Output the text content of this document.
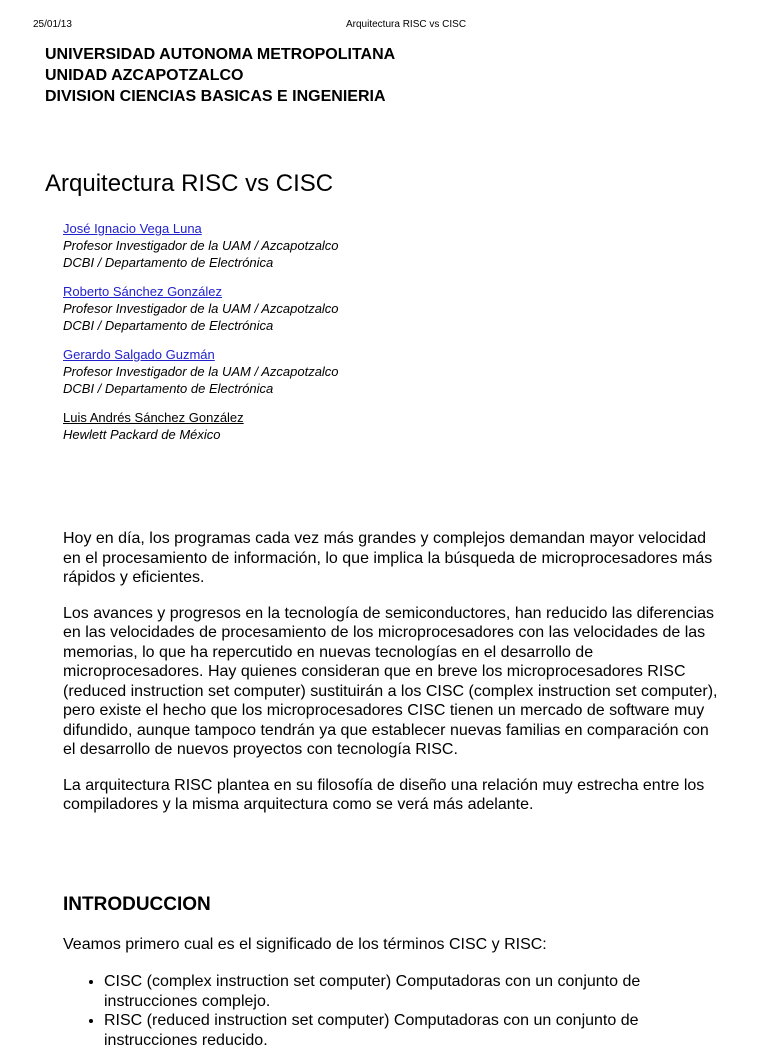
25/01/13	Arquitectura RISC vs CISC
UNIVERSIDAD AUTONOMA METROPOLITANA
UNIDAD AZCAPOTZALCO
DIVISION CIENCIAS BASICAS E INGENIERIA
Arquitectura RISC vs CISC
José Ignacio Vega Luna
Profesor Investigador de la UAM / Azcapotzalco
DCBI / Departamento de Electrónica
Roberto Sánchez González
Profesor Investigador de la UAM / Azcapotzalco
DCBI / Departamento de Electrónica
Gerardo Salgado Guzmán
Profesor Investigador de la UAM / Azcapotzalco
DCBI / Departamento de Electrónica
Luis Andrés Sánchez González
Hewlett Packard de México

Hoy en día, los programas cada vez más grandes y complejos demandan mayor velocidad en el procesamiento de información, lo que implica la búsqueda de microprocesadores más rápidos y eficientes.

Los avances y progresos en la tecnología de semiconductores, han reducido las diferencias en las velocidades de procesamiento de los microprocesadores con las velocidades de las memorias, lo que ha repercutido en nuevas tecnologías en el desarrollo de microprocesadores. Hay quienes consideran que en breve los microprocesadores RISC (reduced instruction set computer) sustituirán a los CISC (complex instruction set computer), pero existe el hecho que los microprocesadores CISC tienen un mercado de software muy difundido, aunque tampoco tendrán ya que establecer nuevas familias en comparación con el desarrollo de nuevos proyectos con tecnología RISC.

La arquitectura RISC plantea en su filosofía de diseño una relación muy estrecha entre los compiladores y la misma arquitectura como se verá más adelante.

INTRODUCCION

Veamos primero cual es el significado de los términos CISC y RISC:

• CISC (complex instruction set computer) Computadoras con un conjunto de instrucciones complejo.
• RISC (reduced instruction set computer) Computadoras con un conjunto de instrucciones reducido.
